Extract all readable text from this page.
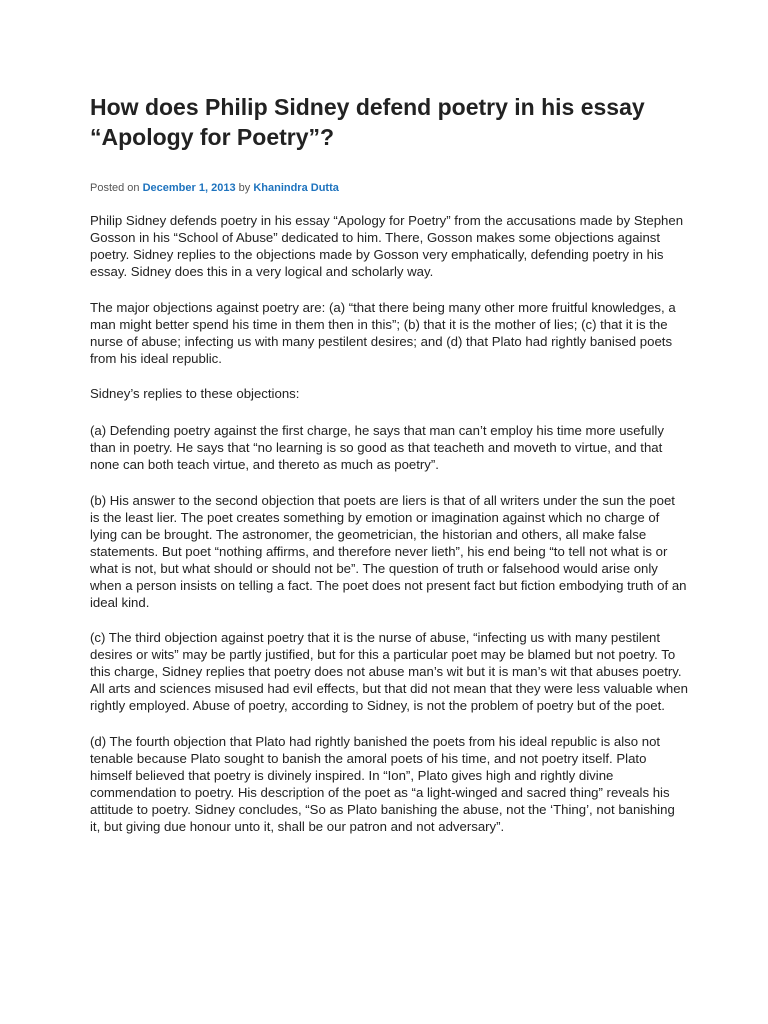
How does Philip Sidney defend poetry in his essay “Apology for Poetry”?
Posted on December 1, 2013 by Khanindra Dutta

Philip Sidney defends poetry in his essay “Apology for Poetry” from the accusations made by Stephen Gosson in his “School of Abuse” dedicated to him. There, Gosson makes some objections against poetry. Sidney replies to the objections made by Gosson very emphatically, defending poetry in his essay. Sidney does this in a very logical and scholarly way.

The major objections against poetry are: (a) “that there being many other more fruitful knowledges, a man might better spend his time in them then in this”; (b) that it is the mother of lies; (c) that it is the nurse of abuse; infecting us with many pestilent desires; and (d) that Plato had rightly banised poets from his ideal republic.

Sidney’s replies to these objections:

(a) Defending poetry against the first charge, he says that man can’t employ his time more usefully than in poetry. He says that “no learning is so good as that teacheth and moveth to virtue, and that none can both teach virtue, and thereto as much as poetry”.

(b) His answer to the second objection that poets are liers is that of all writers under the sun the poet is the least lier. The poet creates something by emotion or imagination against which no charge of lying can be brought. The astronomer, the geometrician, the historian and others, all make false statements. But poet “nothing affirms, and therefore never lieth”, his end being “to tell not what is or what is not, but what should or should not be”. The question of truth or falsehood would arise only when a person insists on telling a fact. The poet does not present fact but fiction embodying truth of an ideal kind.

(c) The third objection against poetry that it is the nurse of abuse, “infecting us with many pestilent desires or wits” may be partly justified, but for this a particular poet may be blamed but not poetry. To this charge, Sidney replies that poetry does not abuse man’s wit but it is man’s wit that abuses poetry. All arts and sciences misused had evil effects, but that did not mean that they were less valuable when rightly employed. Abuse of poetry, according to Sidney, is not the problem of poetry but of the poet.

(d) The fourth objection that Plato had rightly banished the poets from his ideal republic is also not tenable because Plato sought to banish the amoral poets of his time, and not poetry itself. Plato himself believed that poetry is divinely inspired. In “Ion”, Plato gives high and rightly divine commendation to poetry. His description of the poet as “a light-winged and sacred thing” reveals his attitude to poetry. Sidney concludes, “So as Plato banishing the abuse, not the ‘Thing’, not banishing it, but giving due honour unto it, shall be our patron and not adversary”.
